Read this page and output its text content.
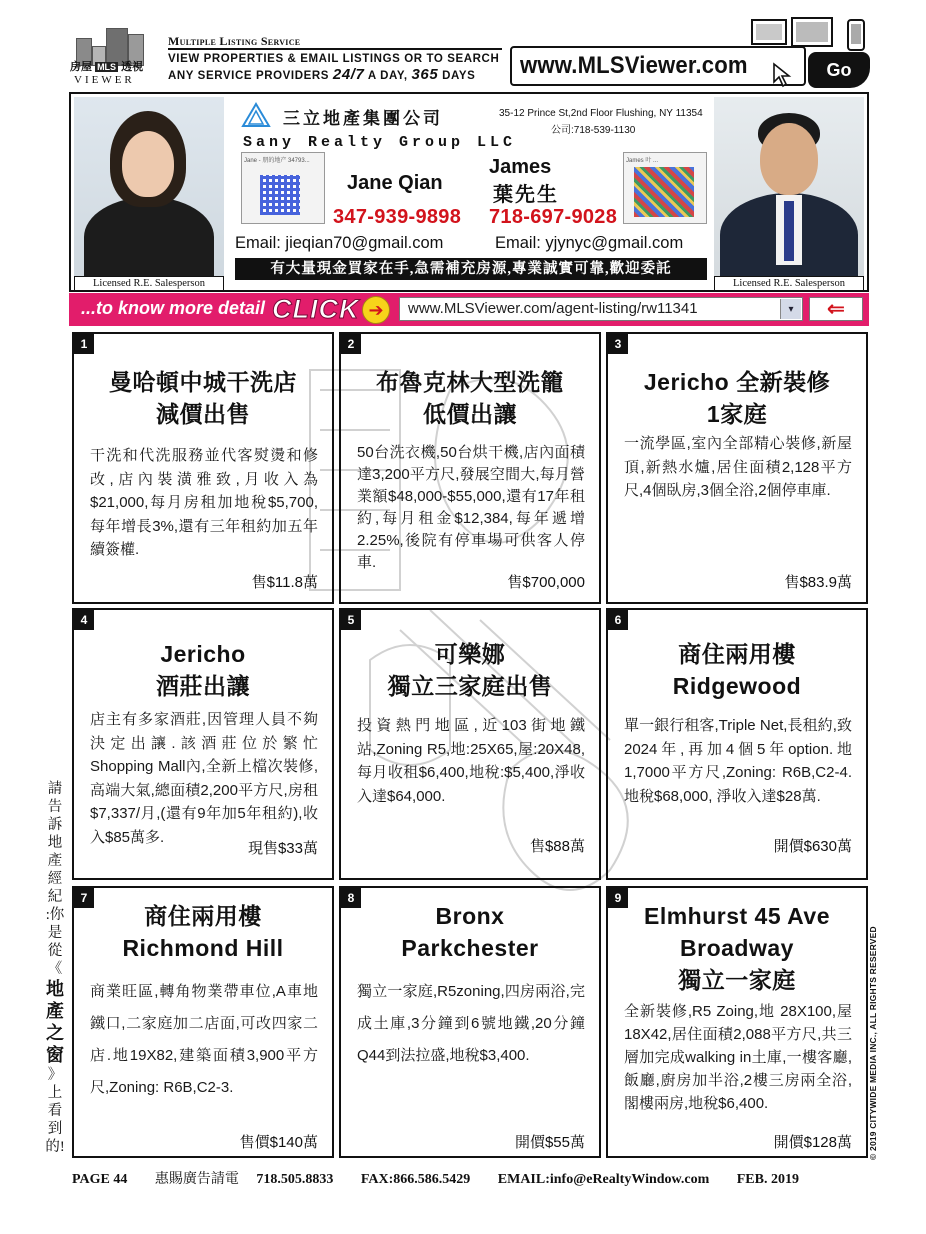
房屋 MLS 透視
VIEWER
Multiple Listing Service
VIEW PROPERTIES & EMAIL LISTINGS OR TO SEARCH
ANY SERVICE PROVIDERS 24/7 A DAY, 365 DAYS	www.MLSViewer.com	Go
Licensed R.E. Salesperson
三立地產集團公司
Sany Realty Group LLC
35-12 Prince St,2nd Floor Flushing, NY 11354
公司:718-539-1130
Jane - 朋的地产 34793...
Jane Qian
347-939-9898
Email: jieqian70@gmail.com
James
葉先生
718-697-9028
James 叶 ...
Email: yjynyc@gmail.com
Licensed R.E. Salesperson
有大量現金買家在手,急需補充房源,專業誠實可靠,歡迎委託
...to know more detail CLICK ➔	www.MLSViewer.com/agent-listing/rw11341	▾	⇐
1
曼哈頓中城干洗店
減價出售
干洗和代洗服務並代客熨燙和修改,店內裝潢雅致,月收入為$21,000,每月房租加地稅$5,700,每年增長3%,還有三年租約加五年續簽權.
售$11.8萬
2
布魯克林大型洗籠
低價出讓
50台洗衣機,50台烘干機,店內面積達3,200平方尺,發展空間大,每月營業額$48,000-$55,000,還有17年租約,每月租金$12,384,每年遞增2.25%,後院有停車場可供客人停車.
售$700,000
3
Jericho 全新裝修
1家庭
一流學區,室內全部精心裝修,新屋頂,新熱水爐,居住面積2,128平方尺,4個臥房,3個全浴,2個停車庫.
售$83.9萬
4
Jericho
酒莊出讓
店主有多家酒莊,因管理人員不夠決定出讓.該酒莊位於繁忙Shopping Mall內,全新上檔次裝修,高端大氣,總面積2,200平方尺,房租$7,337/月,(還有9年加5年租約),收入$85萬多.
現售$33萬
5
可樂娜
獨立三家庭出售
投資熱門地區,近103街地鐵站,Zoning R5,地:25X65,屋:20X48,每月收租$6,400,地稅:$5,400,淨收入達$64,000.
售$88萬
6
商住兩用樓
Ridgewood
單一銀行租客,Triple Net,長租約,致2024年,再加4個5年option.地1,7000平方尺,Zoning: R6B,C2-4. 地稅$68,000, 淨收入達$28萬.
開價$630萬
7
商住兩用樓
Richmond Hill
商業旺區,轉角物業帶車位,A車地鐵口,二家庭加二店面,可改四家二店.地19X82,建築面積3,900平方尺,Zoning: R6B,C2-3.
售價$140萬
8
Bronx
Parkchester
獨立一家庭,R5zoning,四房兩浴,完成土庫,3分鐘到6號地鐵,20分鐘Q44到法拉盛,地稅$3,400.
開價$55萬
9
Elmhurst 45 Ave
Broadway
獨立一家庭
全新裝修,R5 Zoing,地 28X100,屋18X42,居住面積2,088平方尺,共三層加完成walking in土庫,一樓客廳,飯廳,廚房加半浴,2樓三房兩全浴,閣樓兩房,地稅$6,400.
開價$128萬
請告訴地產經紀
:你是從
《
地產之窗
》
上看到的!	© 2019 CITYWIDE MEDIA INC., ALL RIGHTS RESERVED
PAGE 44 惠賜廣告請電 718.505.8833 FAX:866.586.5429 EMAIL:info@eRealtyWindow.com FEB. 2019
